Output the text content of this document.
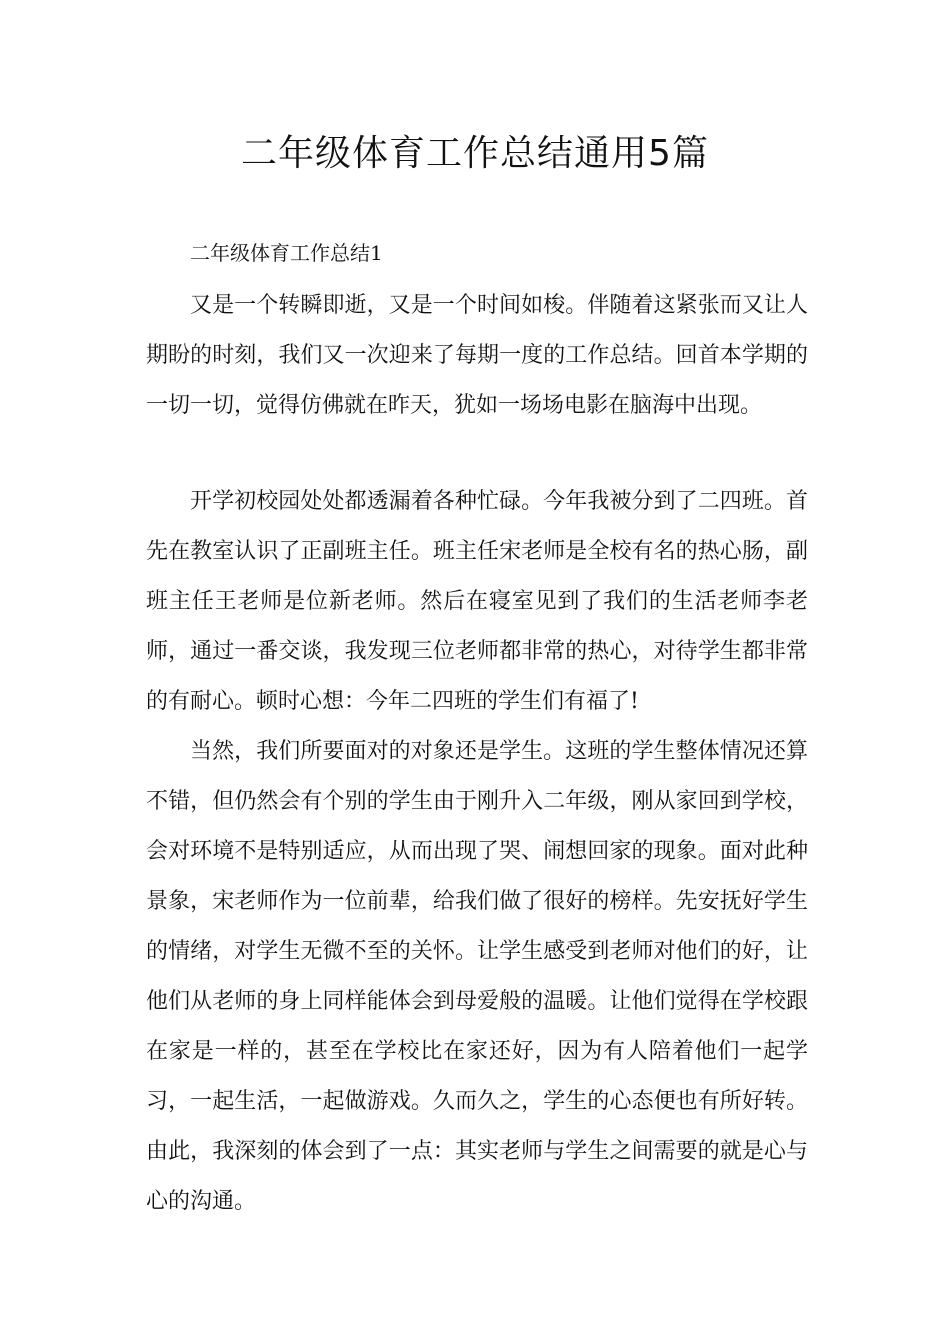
二年级体育工作总结通用5篇

二年级体育工作总结1

又是一个转瞬即逝，又是一个时间如梭。伴随着这紧张而又让人期盼的时刻，我们又一次迎来了每期一度的工作总结。回首本学期的一切一切，觉得仿佛就在昨天，犹如一场场电影在脑海中出现。

开学初校园处处都透漏着各种忙碌。今年我被分到了二四班。首先在教室认识了正副班主任。班主任宋老师是全校有名的热心肠，副班主任王老师是位新老师。然后在寝室见到了我们的生活老师李老师，通过一番交谈，我发现三位老师都非常的热心，对待学生都非常的有耐心。顿时心想：今年二四班的学生们有福了!

当然，我们所要面对的对象还是学生。这班的学生整体情况还算不错，但仍然会有个别的学生由于刚升入二年级，刚从家回到学校，会对环境不是特别适应，从而出现了哭、闹想回家的现象。面对此种景象，宋老师作为一位前辈，给我们做了很好的榜样。先安抚好学生的情绪，对学生无微不至的关怀。让学生感受到老师对他们的好，让他们从老师的身上同样能体会到母爱般的温暖。让他们觉得在学校跟在家是一样的，甚至在学校比在家还好，因为有人陪着他们一起学习，一起生活，一起做游戏。久而久之，学生的心态便也有所好转。由此，我深刻的体会到了一点：其实老师与学生之间需要的就是心与心的沟通。
